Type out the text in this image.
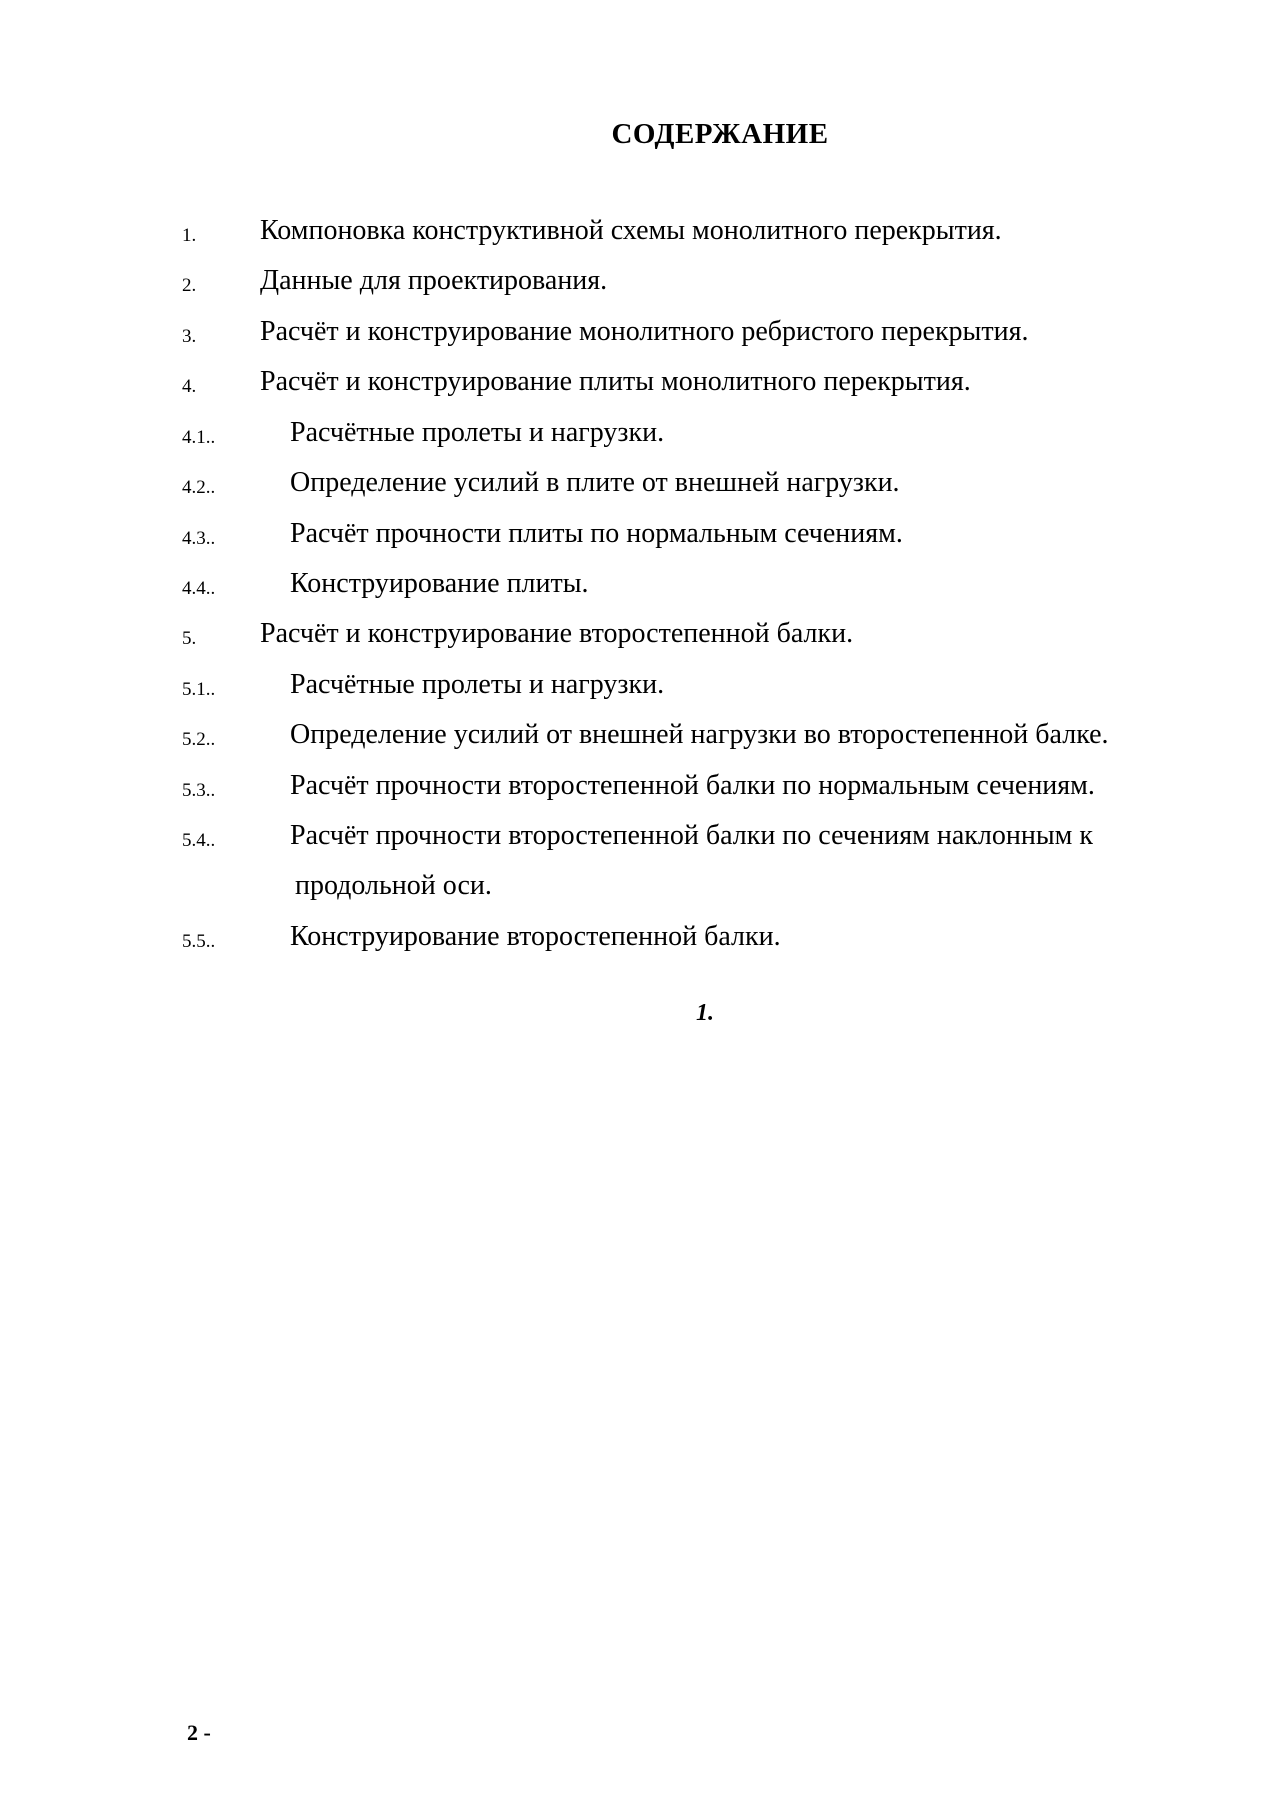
СОДЕРЖАНИЕ
1. Компоновка конструктивной схемы монолитного перекрытия.
2. Данные для проектирования.
3. Расчёт и конструирование монолитного ребристого перекрытия.
4. Расчёт и конструирование плиты монолитного перекрытия.
4.1..	Расчётные пролеты и нагрузки.
4.2..	Определение усилий в плите от внешней нагрузки.
4.3..	Расчёт прочности плиты по нормальным сечениям.
4.4..	Конструирование плиты.
5. Расчёт и конструирование второстепенной балки.
5.1..	Расчётные пролеты и нагрузки.
5.2..	Определение усилий от внешней нагрузки во второстепенной балке.
5.3..	Расчёт прочности второстепенной балки по нормальным сечениям.
5.4..	Расчёт прочности второстепенной балки по сечениям наклонным к
продольной оси.
5.5..	Конструирование второстепенной балки.
1.
2 -
